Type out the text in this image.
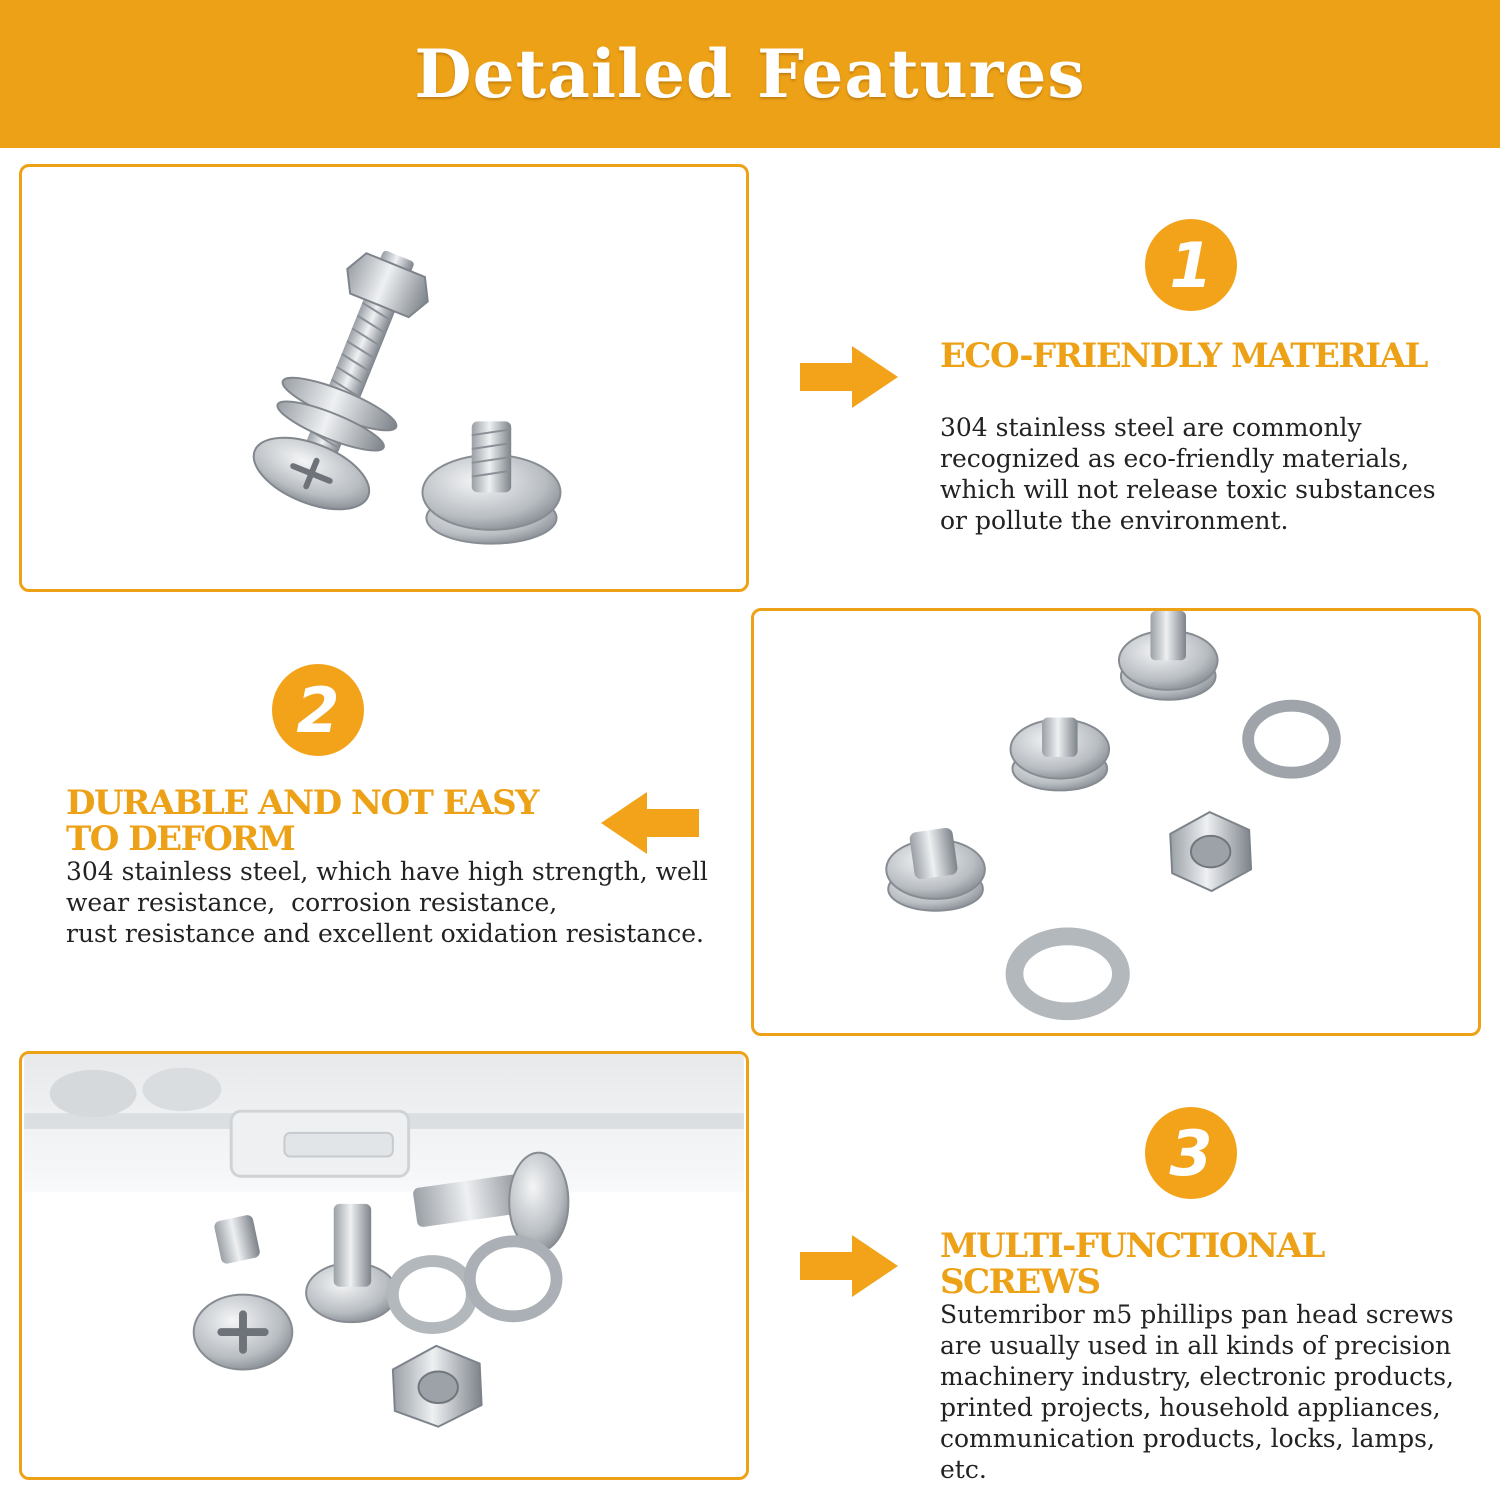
Detailed Features
1
ECO-FRIENDLY MATERIAL

304 stainless steel are commonly
recognized as eco-friendly materials,
which will not release toxic substances
or pollute the environment.

2
DURABLE AND NOT EASY
TO DEFORM

304 stainless steel, which have high strength, well
wear resistance,  corrosion resistance,
rust resistance and excellent oxidation resistance.

3
MULTI-FUNCTIONAL
SCREWS

Sutemribor m5 phillips pan head screws
are usually used in all kinds of precision
machinery industry, electronic products,
printed projects, household appliances,
communication products, locks, lamps,
etc.
